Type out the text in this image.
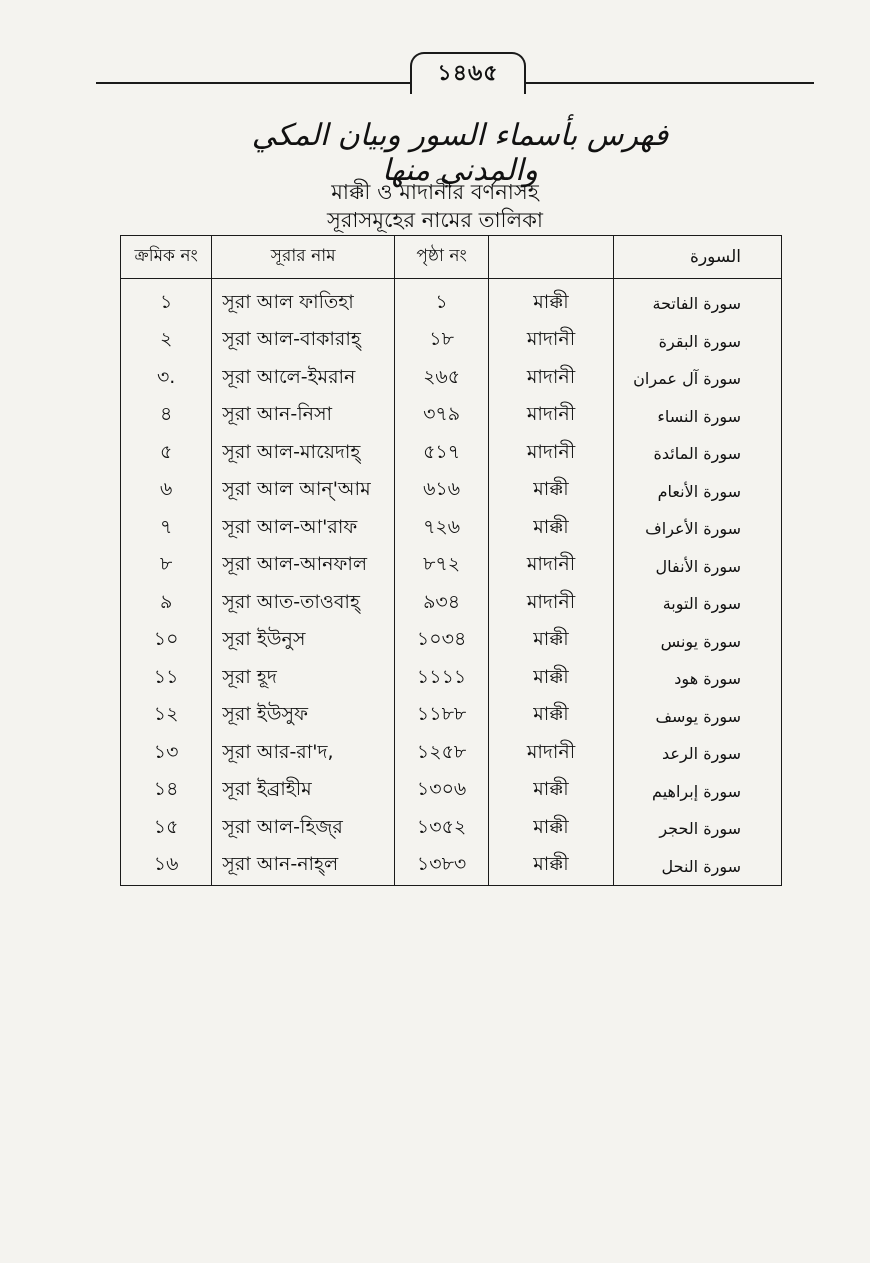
১৪৬৫
فهرس بأسماء السور وبيان المكي والمدني منها
মাক্কী ও মাদানীর বর্ণনাসহ
সূরাসমূহের নামের তালিকা
ক্রমিক নং	সূরার নাম	পৃষ্ঠা নং		السورة
১	সূরা আল ফাতিহা	১	মাক্কী	سورة الفاتحة
২	সূরা আল-বাকারাহ্	১৮	মাদানী	سورة البقرة
৩.	সূরা আলে-ইমরান	২৬৫	মাদানী	سورة آل عمران
৪	সূরা আন-নিসা	৩৭৯	মাদানী	سورة النساء
৫	সূরা আল-মায়েদাহ্	৫১৭	মাদানী	سورة المائدة
৬	সূরা আল আন্‌'আম	৬১৬	মাক্কী	سورة الأنعام
৭	সূরা আল-আ'রাফ	৭২৬	মাক্কী	سورة الأعراف
৮	সূরা আল-আনফাল	৮৭২	মাদানী	سورة الأنفال
৯	সূরা আত-তাওবাহ্	৯৩৪	মাদানী	سورة التوبة
১০	সূরা ইউনুস	১০৩৪	মাক্কী	سورة يونس
১১	সূরা হূদ	১১১১	মাক্কী	سورة هود
১২	সূরা ইউসুফ	১১৮৮	মাক্কী	سورة يوسف
১৩	সূরা আর-রা'দ,	১২৫৮	মাদানী	سورة الرعد
১৪	সূরা ইব্রাহীম	১৩০৬	মাক্কী	سورة إبراهيم
১৫	সূরা আল-হিজ্‌র	১৩৫২	মাক্কী	سورة الحجر
১৬	সূরা আন-নাহ্‌ল	১৩৮৩	মাক্কী	سورة النحل
